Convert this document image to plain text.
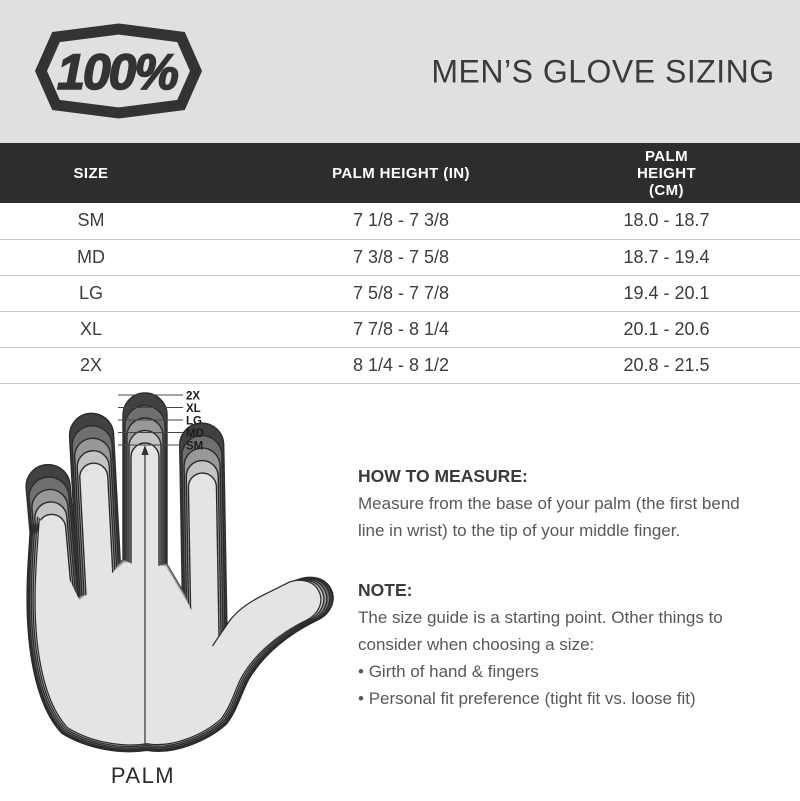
100%	MEN’S GLOVE SIZING
SIZE	PALM HEIGHT (IN)	PALM HEIGHT (CM)
SM	7 1/8 - 7 3/8	18.0 - 18.7
MD	7 3/8 - 7 5/8	18.7 - 19.4
LG	7 5/8 - 7 7/8	19.4 - 20.1
XL	7 7/8 - 8 1/4	20.1 - 20.6
2X	8 1/4 - 8 1/2	20.8 - 21.5
2X
XL
LG
MD
SM
PALM

HOW TO MEASURE:

Measure from the base of your palm (the first bend line in wrist) to the tip of your middle finger.

NOTE:

The size guide is a starting point. Other things to consider when choosing a size:

• Girth of hand & fingers
• Personal fit preference (tight fit vs. loose fit)
